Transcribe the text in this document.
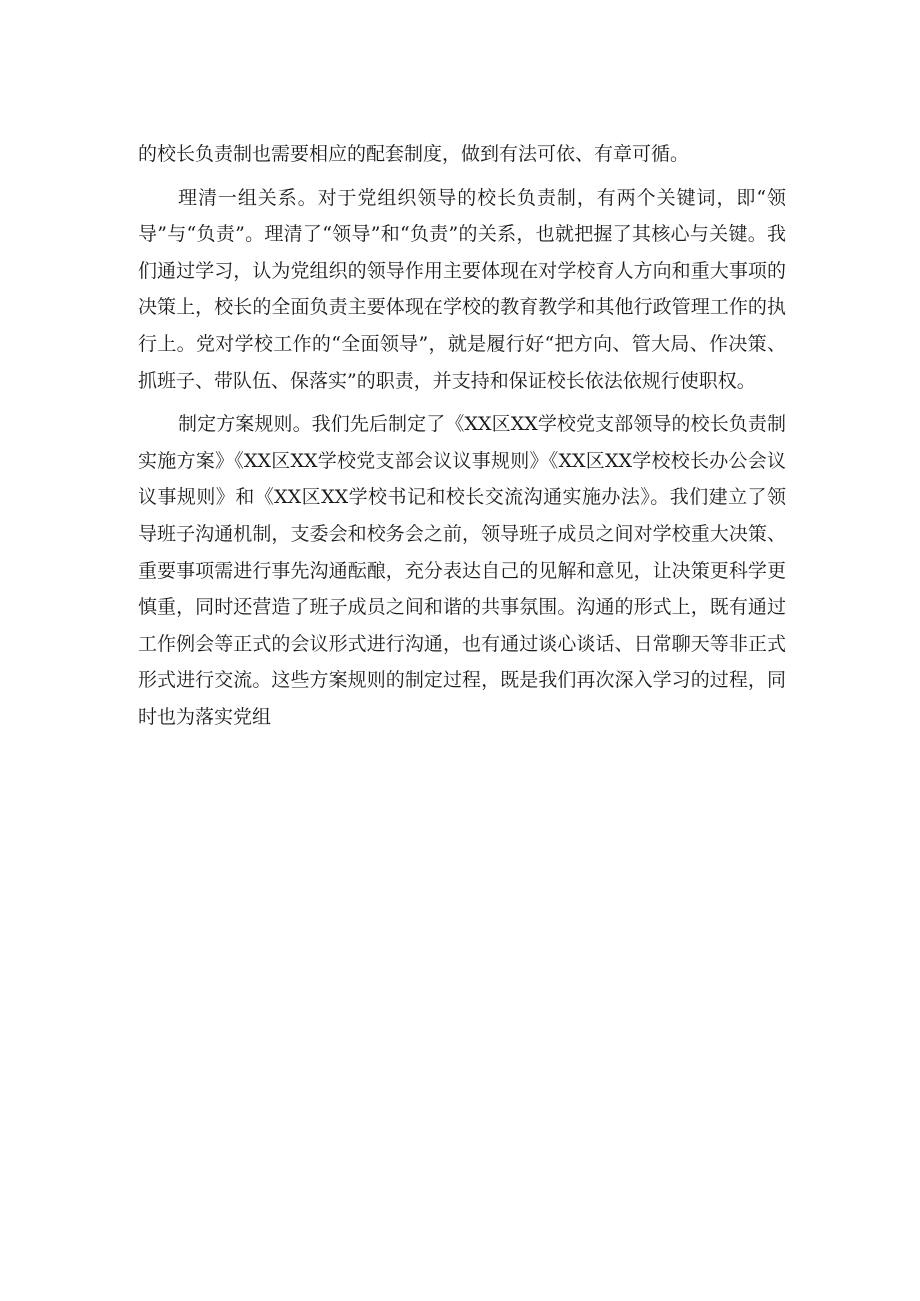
的校长负责制也需要相应的配套制度，做到有法可依、有章可循。

理清一组关系。对于党组织领导的校长负责制，有两个关键词，即“领导”与“负责”。理清了“领导”和“负责”的关系，也就把握了其核心与关键。我们通过学习，认为党组织的领导作用主要体现在对学校育人方向和重大事项的决策上，校长的全面负责主要体现在学校的教育教学和其他行政管理工作的执行上。党对学校工作的“全面领导”，就是履行好“把方向、管大局、作决策、抓班子、带队伍、保落实”的职责，并支持和保证校长依法依规行使职权。

制定方案规则。我们先后制定了《XX区XX学校党支部领导的校长负责制实施方案》《XX区XX学校党支部会议议事规则》《XX区XX学校校长办公会议议事规则》和《XX区XX学校书记和校长交流沟通实施办法》。我们建立了领导班子沟通机制，支委会和校务会之前，领导班子成员之间对学校重大决策、重要事项需进行事先沟通酝酿，充分表达自己的见解和意见，让决策更科学更慎重，同时还营造了班子成员之间和谐的共事氛围。沟通的形式上，既有通过工作例会等正式的会议形式进行沟通，也有通过谈心谈话、日常聊天等非正式形式进行交流。这些方案规则的制定过程，既是我们再次深入学习的过程，同时也为落实党组
